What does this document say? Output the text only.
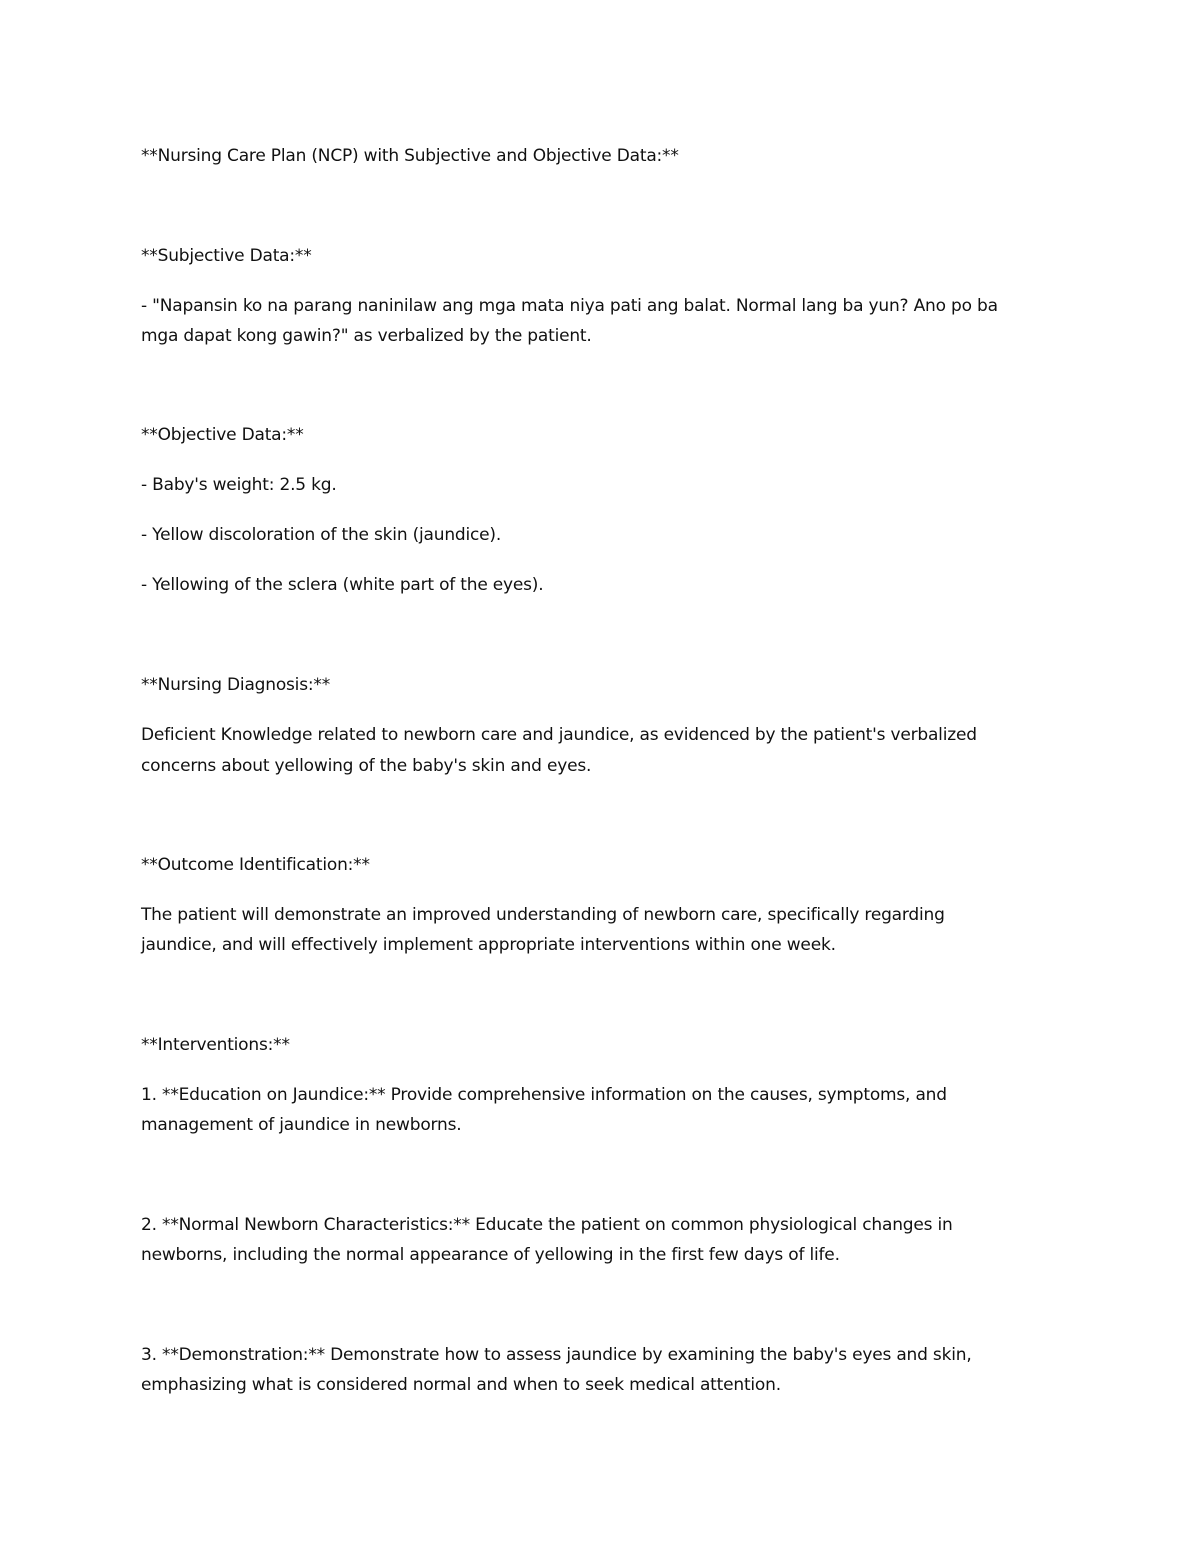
**Nursing Care Plan (NCP) with Subjective and Objective Data:**
**Subjective Data:**
- "Napansin ko na parang naninilaw ang mga mata niya pati ang balat. Normal lang ba yun? Ano po ba
mga dapat kong gawin?" as verbalized by the patient.
**Objective Data:**
- Baby's weight: 2.5 kg.
- Yellow discoloration of the skin (jaundice).
- Yellowing of the sclera (white part of the eyes).
**Nursing Diagnosis:**
Deficient Knowledge related to newborn care and jaundice, as evidenced by the patient's verbalized
concerns about yellowing of the baby's skin and eyes.
**Outcome Identification:**
The patient will demonstrate an improved understanding of newborn care, specifically regarding
jaundice, and will effectively implement appropriate interventions within one week.
**Interventions:**
1. **Education on Jaundice:** Provide comprehensive information on the causes, symptoms, and
management of jaundice in newborns.
2. **Normal Newborn Characteristics:** Educate the patient on common physiological changes in
newborns, including the normal appearance of yellowing in the first few days of life.
3. **Demonstration:** Demonstrate how to assess jaundice by examining the baby's eyes and skin,
emphasizing what is considered normal and when to seek medical attention.
